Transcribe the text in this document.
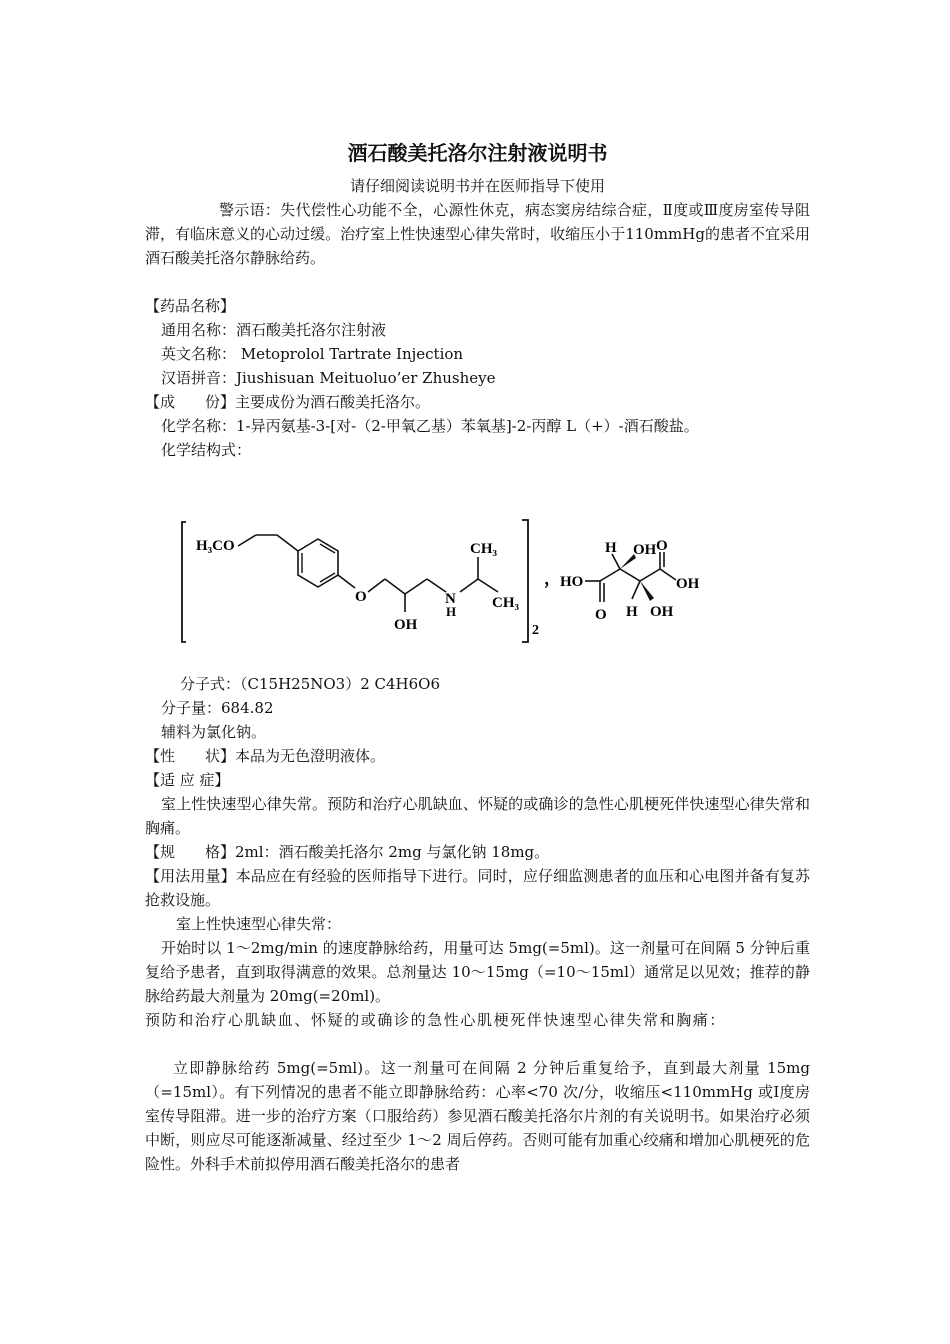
酒石酸美托洛尔注射液说明书
请仔细阅读说明书并在医师指导下使用

警示语：失代偿性心功能不全，心源性休克，病态窦房结综合症，Ⅱ度或Ⅲ度房室传导阻滞，有临床意义的心动过缓。治疗室上性快速型心律失常时，收缩压小于110mmHg的患者不宜采用酒石酸美托洛尔静脉给药。

【药品名称】
通用名称：酒石酸美托洛尔注射液
英文名称： Metoprolol Tartrate Injection
汉语拼音：Jiushisuan Meituoluo’er Zhusheye
【成　　份】主要成份为酒石酸美托洛尔。
化学名称：1-异丙氨基-3-[对-（2-甲氧乙基）苯氧基]-2-丙醇 L（+）-酒石酸盐。
化学结构式：
2
H₃CO
O
OH
N
H
CH₃
CH₃
， HO
O
H OH
H OH
O
OH
分子式：（C15H25NO3）2 C4H6O6
分子量：684.82
辅料为氯化钠。
【性　　状】本品为无色澄明液体。
【适 应 症】

室上性快速型心律失常。预防和治疗心肌缺血、怀疑的或确诊的急性心肌梗死伴快速型心律失常和胸痛。

【规　　格】2ml：酒石酸美托洛尔 2mg 与氯化钠 18mg。

【用法用量】本品应在有经验的医师指导下进行。同时，应仔细监测患者的血压和心电图并备有复苏抢救设施。

室上性快速型心律失常：

开始时以 1～2mg/min 的速度静脉给药，用量可达 5mg(=5ml)。这一剂量可在间隔 5 分钟后重复给予患者，直到取得满意的效果。总剂量达 10～15mg（=10～15ml）通常足以见效；推荐的静脉给药最大剂量为 20mg(=20ml)。

预防和治疗心肌缺血、怀疑的或确诊的急性心肌梗死伴快速型心律失常和胸痛：

立即静脉给药 5mg(=5ml)。这一剂量可在间隔 2 分钟后重复给予，直到最大剂量 15mg（=15ml）。有下列情况的患者不能立即静脉给药：心率<70 次/分，收缩压<110mmHg 或Ⅰ度房室传导阻滞。进一步的治疗方案（口服给药）参见酒石酸美托洛尔片剂的有关说明书。如果治疗必须中断，则应尽可能逐渐减量、经过至少 1～2 周后停药。否则可能有加重心绞痛和增加心肌梗死的危险性。外科手术前拟停用酒石酸美托洛尔的患者
